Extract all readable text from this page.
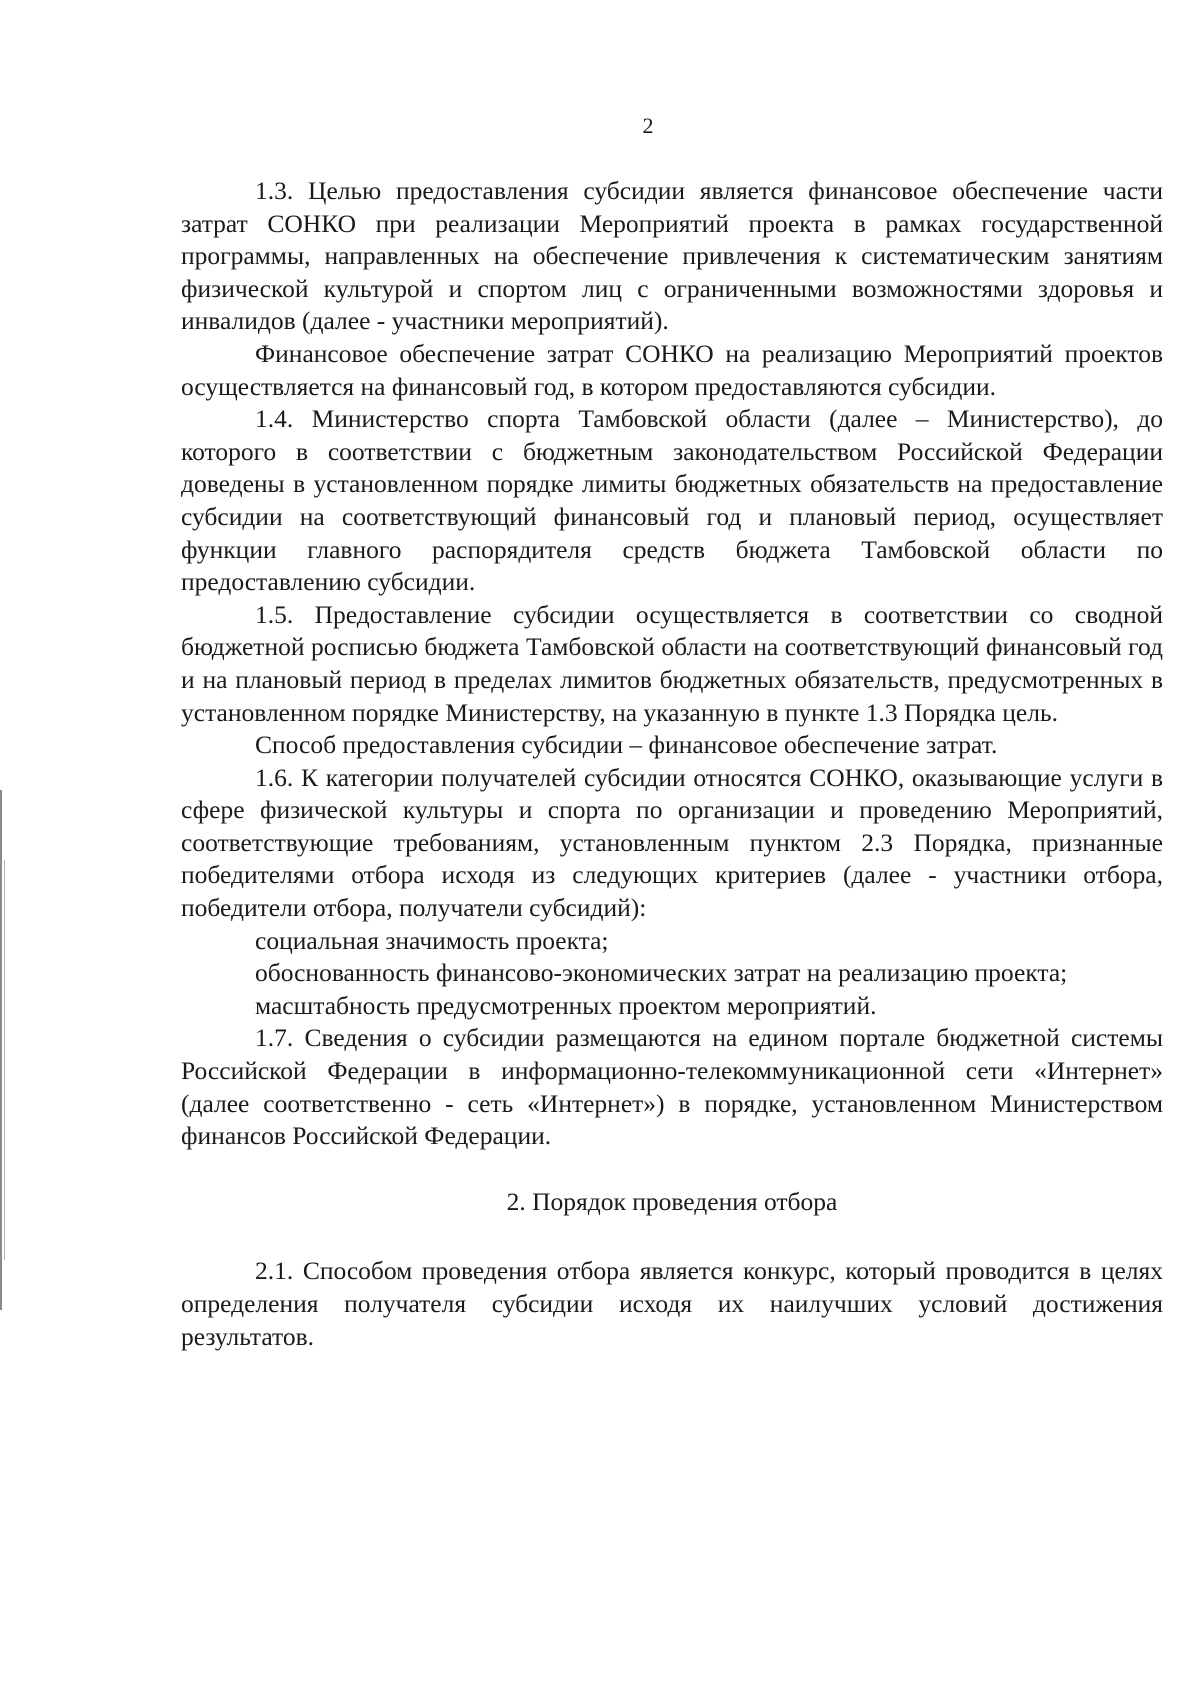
2

1.3. Целью предоставления субсидии является финансовое обеспечение части затрат СОНКО при реализации Мероприятий проекта в рамках государственной программы, направленных на обеспечение привлечения к систематическим занятиям физической культурой и спортом лиц с ограниченными возможностями здоровья и инвалидов (далее - участники мероприятий).

Финансовое обеспечение затрат СОНКО на реализацию Мероприятий проектов осуществляется на финансовый год, в котором предоставляются субсидии.

1.4. Министерство спорта Тамбовской области (далее – Министерство), до которого в соответствии с бюджетным законодательством Российской Федерации доведены в установленном порядке лимиты бюджетных обязательств на предоставление субсидии на соответствующий финансовый год и плановый период, осуществляет функции главного распорядителя средств бюджета Тамбовской области по предоставлению субсидии.

1.5. Предоставление субсидии осуществляется в соответствии со сводной бюджетной росписью бюджета Тамбовской области на соответствующий финансовый год и на плановый период в пределах лимитов бюджетных обязательств, предусмотренных в установленном порядке Министерству, на указанную в пункте 1.3 Порядка цель.

Способ предоставления субсидии – финансовое обеспечение затрат.

1.6. К категории получателей субсидии относятся СОНКО, оказывающие услуги в сфере физической культуры и спорта по организации и проведению Мероприятий, соответствующие требованиям, установленным пунктом 2.3 Порядка, признанные победителями отбора исходя из следующих критериев (далее - участники отбора, победители отбора, получатели субсидий):

социальная значимость проекта;

обоснованность финансово-экономических затрат на реализацию проекта;

масштабность предусмотренных проектом мероприятий.

1.7. Сведения о субсидии размещаются на едином портале бюджетной системы Российской Федерации в информационно-телекоммуникационной сети «Интернет» (далее соответственно - сеть «Интернет») в порядке, установленном Министерством финансов Российской Федерации.

2. Порядок проведения отбора

2.1. Способом проведения отбора является конкурс, который проводится в целях определения получателя субсидии исходя их наилучших условий достижения результатов.
